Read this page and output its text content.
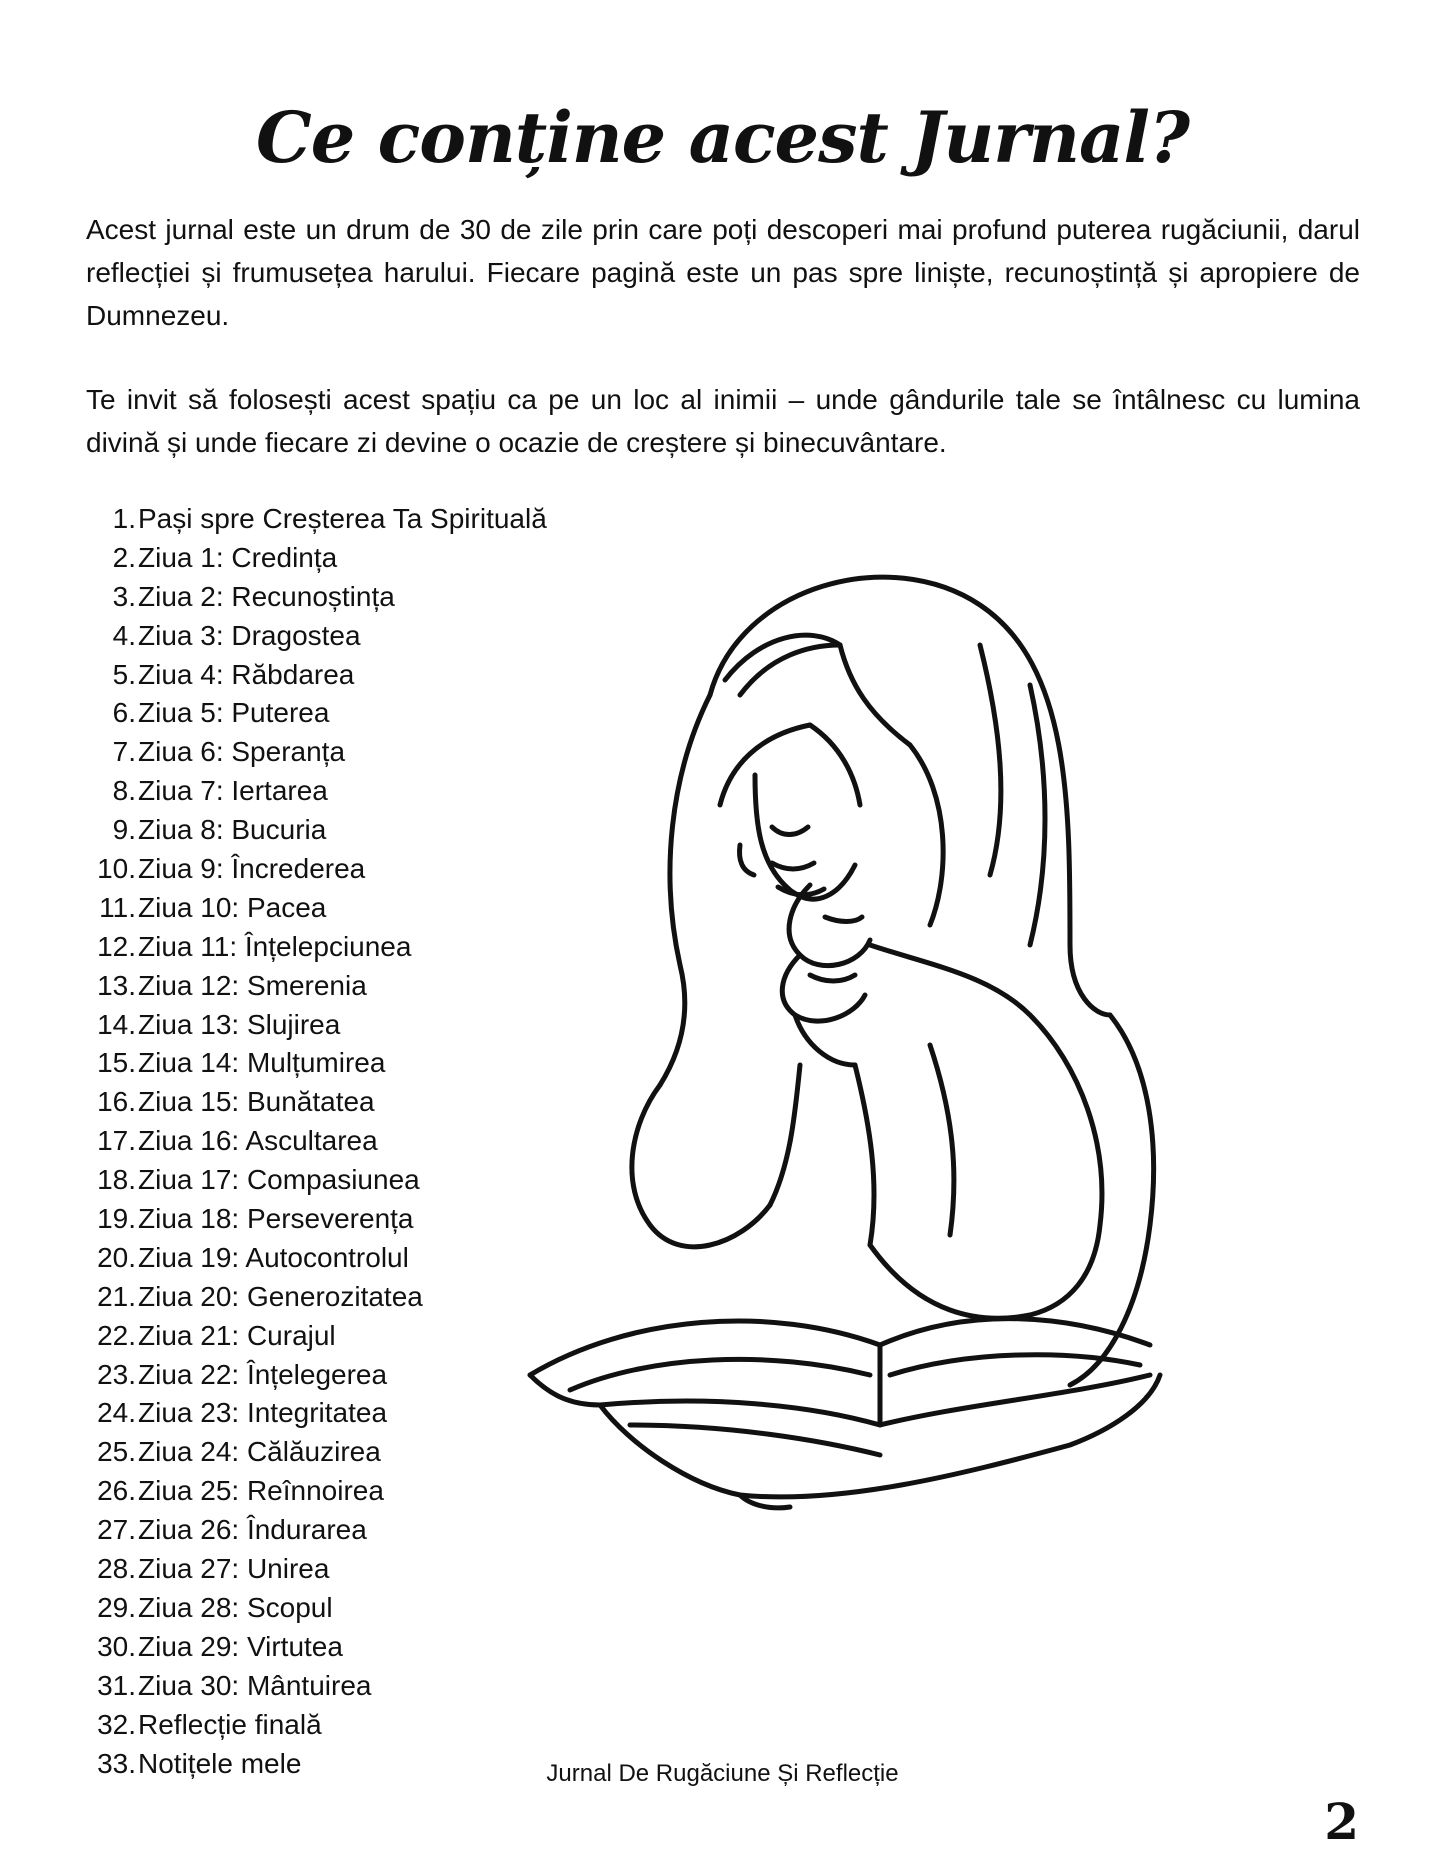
Ce conține acest Jurnal?

Acest jurnal este un drum de 30 de zile prin care poți descoperi mai profund puterea rugăciunii, darul reflecției și frumusețea harului. Fiecare pagină este un pas spre liniște, recunoștință și apropiere de Dumnezeu.

Te invit să folosești acest spațiu ca pe un loc al inimii – unde gândurile tale se întâlnesc cu lumina divină și unde fiecare zi devine o ocazie de creștere și binecuvântare.

1. Pași spre Creșterea Ta Spirituală
2. Ziua 1: Credința
3. Ziua 2: Recunoștința
4. Ziua 3: Dragostea
5. Ziua 4: Răbdarea
6. Ziua 5: Puterea
7. Ziua 6: Speranța
8. Ziua 7: Iertarea
9. Ziua 8: Bucuria
10. Ziua 9: Încrederea
11. Ziua 10: Pacea
12. Ziua 11: Înțelepciunea
13. Ziua 12: Smerenia
14. Ziua 13: Slujirea
15. Ziua 14: Mulțumirea
16. Ziua 15: Bunătatea
17. Ziua 16: Ascultarea
18. Ziua 17: Compasiunea
19. Ziua 18: Perseverența
20. Ziua 19: Autocontrolul
21. Ziua 20: Generozitatea
22. Ziua 21: Curajul
23. Ziua 22: Înțelegerea
24. Ziua 23: Integritatea
25. Ziua 24: Călăuzirea
26. Ziua 25: Reînnoirea
27. Ziua 26: Îndurarea
28. Ziua 27: Unirea
29. Ziua 28: Scopul
30. Ziua 29: Virtutea
31. Ziua 30: Mântuirea
32. Reflecție finală
33. Notițele mele	Jurnal De Rugăciune Și Reflecție
2
